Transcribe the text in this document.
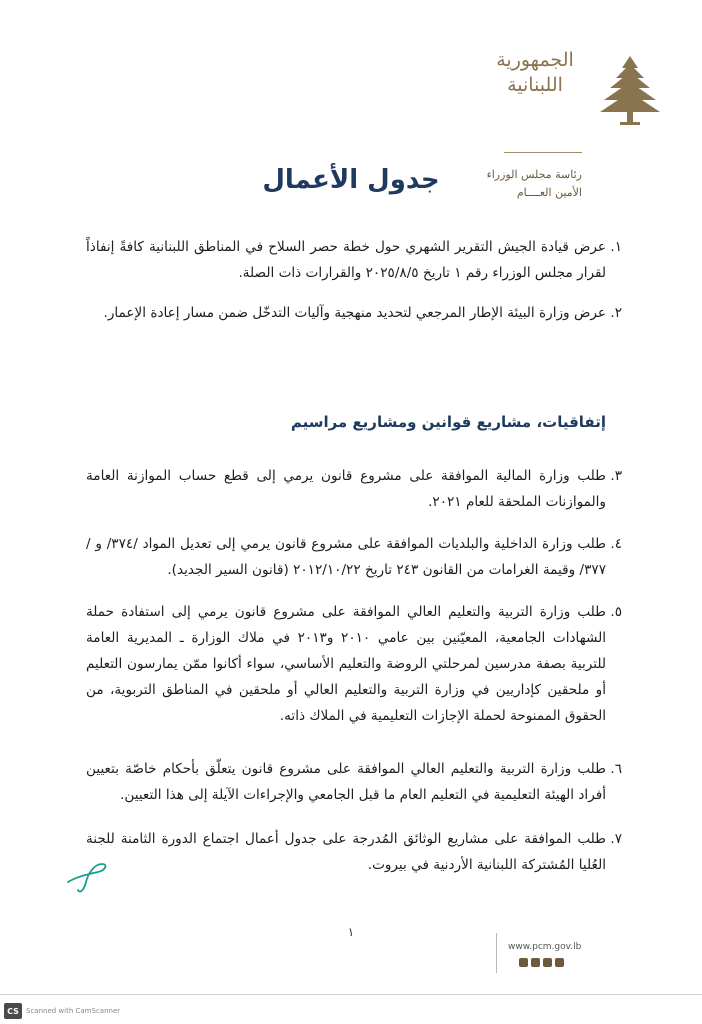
الجمهورية
اللبنانية
رئاسة مجلس الوزراء
الأمين العــــام
جدول الأعمال
.١
عرض قيادة الجيش التقرير الشهري حول خطة حصر السلاح في المناطق اللبنانية كافةً إنفاذاً لقرار مجلس الوزراء رقم ١ تاريخ ٢٠٢٥/٨/٥ والقرارات ذات الصلة.
.٢
عرض وزارة البيئة الإطار المرجعي لتحديد منهجية وآليات التدخّل ضمن مسار إعادة الإعمار.
إتفاقيات، مشاريع قوانين ومشاريع مراسيم
.٣
طلب وزارة المالية الموافقة على مشروع قانون يرمي إلى قطع حساب الموازنة العامة والموازنات الملحقة للعام ٢٠٢١.
.٤
طلب وزارة الداخلية والبلديات الموافقة على مشروع قانون يرمي إلى تعديل المواد /٣٧٤/ و /٣٧٧/ وقيمة الغرامات من القانون ٢٤٣ تاريخ ٢٠١٢/١٠/٢٢ (قانون السير الجديد).
.٥
طلب وزارة التربية والتعليم العالي الموافقة على مشروع قانون يرمي إلى استفادة حملة الشهادات الجامعية، المعيّنين بين عامي ٢٠١٠ و٢٠١٣ في ملاك الوزارة ـ المديرية العامة للتربية بصفة مدرسين لمرحلتي الروضة والتعليم الأساسي، سواء أكانوا ممّن يمارسون التعليم أو ملحقين كإداريين في وزارة التربية والتعليم العالي أو ملحقين في المناطق التربوية، من الحقوق الممنوحة لحملة الإجازات التعليمية في الملاك ذاته.
.٦
طلب وزارة التربية والتعليم العالي الموافقة على مشروع قانون يتعلّق بأحكام خاصّة بتعيين أفراد الهيئة التعليمية في التعليم العام ما قبل الجامعي والإجراءات الآيلة إلى هذا التعيين.
.٧
طلب الموافقة على مشاريع الوثائق المُدرجة على جدول أعمال اجتماع الدورة الثامنة للجنة العُليا المُشتركة اللبنانية الأردنية في بيروت.
١
www.pcm.gov.lb
CS	Scanned with CamScanner
